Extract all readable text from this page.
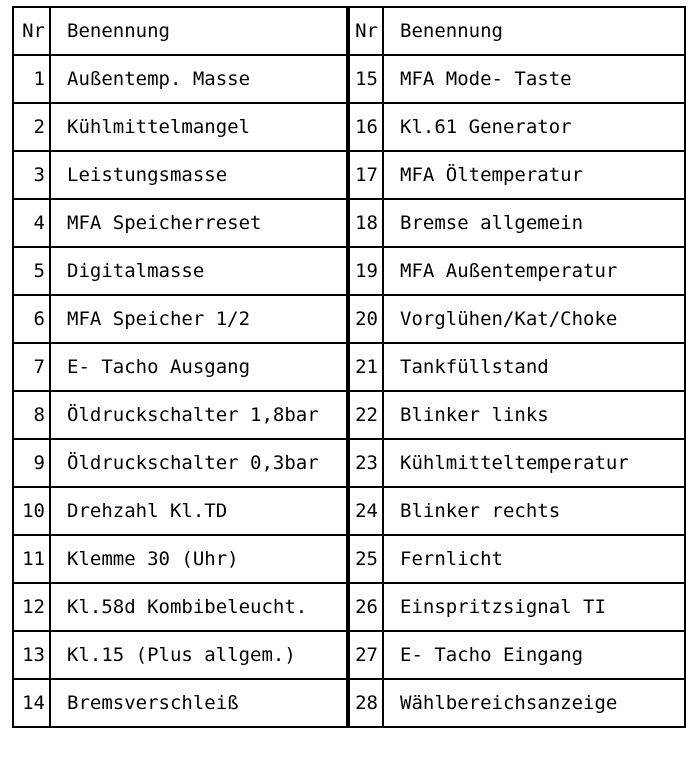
Nr	Benennung	Nr	Benennung
1	Außentemp. Masse	15	MFA Mode- Taste
2	Kühlmittelmangel	16	Kl.61 Generator
3	Leistungsmasse	17	MFA Öltemperatur
4	MFA Speicherreset	18	Bremse allgemein
5	Digitalmasse	19	MFA Außentemperatur
6	MFA Speicher 1/2	20	Vorglühen/Kat/Choke
7	E- Tacho Ausgang	21	Tankfüllstand
8	Öldruckschalter 1,8bar	22	Blinker links
9	Öldruckschalter 0,3bar	23	Kühlmitteltemperatur
10	Drehzahl Kl.TD	24	Blinker rechts
11	Klemme 30 (Uhr)	25	Fernlicht
12	Kl.58d Kombibeleucht.	26	Einspritzsignal TI
13	Kl.15 (Plus allgem.)	27	E- Tacho Eingang
14	Bremsverschleiß	28	Wählbereichsanzeige
